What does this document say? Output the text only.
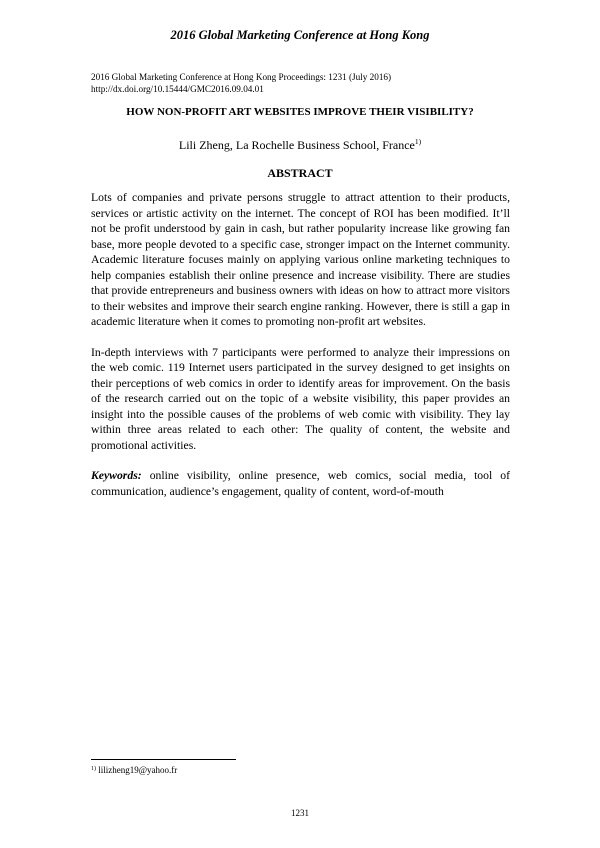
2016 Global Marketing Conference at Hong Kong
2016 Global Marketing Conference at Hong Kong Proceedings: 1231 (July 2016)
http://dx.doi.org/10.15444/GMC2016.09.04.01
HOW NON-PROFIT ART WEBSITES IMPROVE THEIR VISIBILITY?
Lili Zheng, La Rochelle Business School, France$^{1)}$
ABSTRACT

Lots of companies and private persons struggle to attract attention to their products, services or artistic activity on the internet. The concept of ROI has been modified. It’ll not be profit understood by gain in cash, but rather popularity increase like growing fan base, more people devoted to a specific case, stronger impact on the Internet community. Academic literature focuses mainly on applying various online marketing techniques to help companies establish their online presence and increase visibility. There are studies that provide entrepreneurs and business owners with ideas on how to attract more visitors to their websites and improve their search engine ranking. However, there is still a gap in academic literature when it comes to promoting non-profit art websites.

In-depth interviews with 7 participants were performed to analyze their impressions on the web comic. 119 Internet users participated in the survey designed to get insights on their perceptions of web comics in order to identify areas for improvement. On the basis of the research carried out on the topic of a website visibility, this paper provides an insight into the possible causes of the problems of web comic with visibility. They lay within three areas related to each other: The quality of content, the website and promotional activities.

Keywords: online visibility, online presence, web comics, social media, tool of communication, audience’s engagement, quality of content, word-of-mouth

$^{1)}$ lilizheng19@yahoo.fr
1231
